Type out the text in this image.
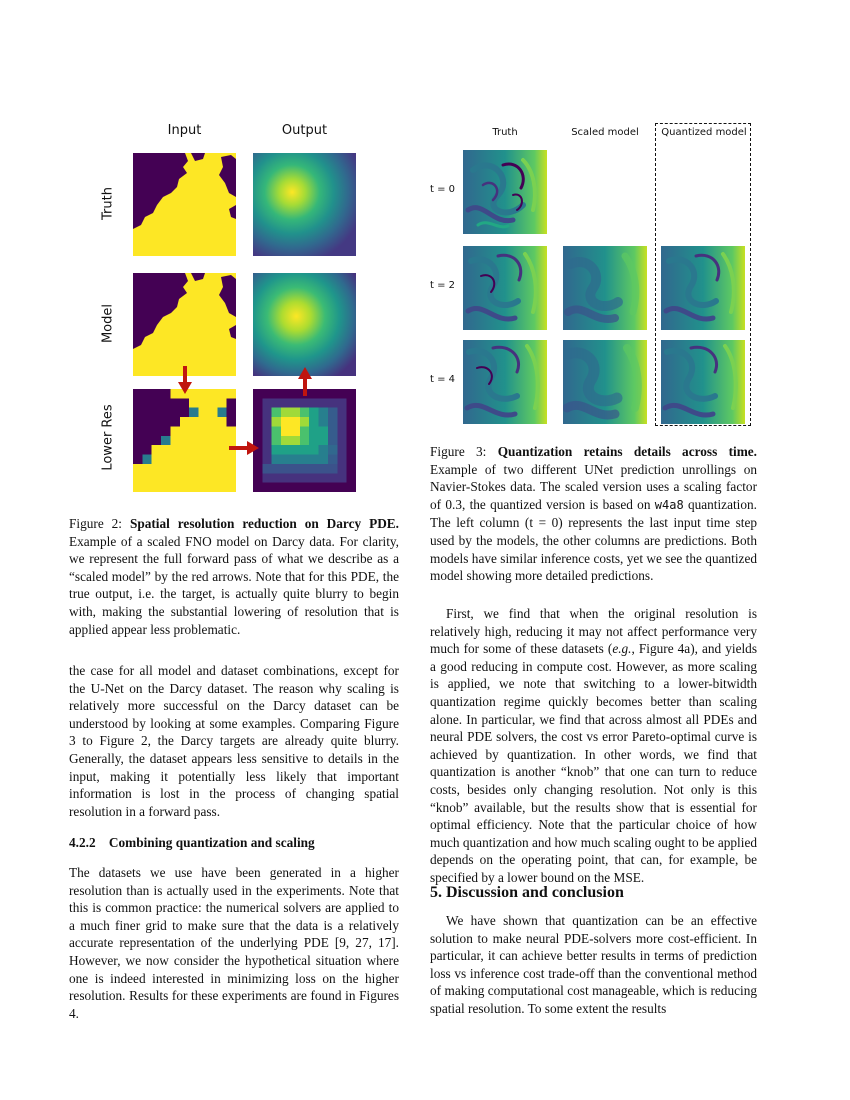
Input	Output
Truth
Model
Lower Res
Figure 2: Spatial resolution reduction on Darcy PDE. Example of a scaled FNO model on Darcy data. For clarity, we represent the full forward pass of what we describe as a “scaled model” by the red arrows. Note that for this PDE, the true output, i.e. the target, is actually quite blurry to begin with, making the substantial lowering of resolution that is applied appear less problematic.
Truth	Scaled model	Quantized model
t = 0
t = 2
t = 4
Figure 3: Quantization retains details across time. Example of two different UNet prediction unrollings on Navier-Stokes data. The scaled version uses a scaling factor of 0.3, the quantized version is based on w4a8 quantization. The left column (t = 0) represents the last input time step used by the models, the other columns are predictions. Both models have similar inference costs, yet we see the quantized model showing more detailed predictions.

the case for all model and dataset combinations, except for the U-Net on the Darcy dataset. The reason why scaling is relatively more successful on the Darcy dataset can be understood by looking at some examples. Comparing Figure 3 to Figure 2, the Darcy targets are already quite blurry. Generally, the dataset appears less sensitive to details in the input, making it potentially less likely that important information is lost in the process of changing spatial resolution in a forward pass.

4.2.2 Combining quantization and scaling

The datasets we use have been generated in a higher resolution than is actually used in the experiments. Note that this is common practice: the numerical solvers are applied to a much finer grid to make sure that the data is a relatively accurate representation of the underlying PDE [9, 27, 17]. However, we now consider the hypothetical situation where one is indeed interested in minimizing loss on the higher resolution. Results for these experiments are found in Figures 4.

First, we find that when the original resolution is relatively high, reducing it may not affect performance very much for some of these datasets (e.g., Figure 4a), and yields a good reducing in compute cost. However, as more scaling is applied, we note that switching to a lower-bitwidth quantization regime quickly becomes better than scaling alone. In particular, we find that across almost all PDEs and neural PDE solvers, the cost vs error Pareto-optimal curve is achieved by quantization. In other words, we find that quantization is another “knob” that one can turn to reduce costs, besides only changing resolution. Not only is this “knob” available, but the results show that is essential for optimal efficiency. Note that the particular choice of how much quantization and how much scaling ought to be applied depends on the operating point, that can, for example, be specified by a lower bound on the MSE.

5. Discussion and conclusion

We have shown that quantization can be an effective solution to make neural PDE-solvers more cost-efficient. In particular, it can achieve better results in terms of prediction loss vs inference cost trade-off than the conventional method of making computational cost manageable, which is reducing spatial resolution. To some extent the results
